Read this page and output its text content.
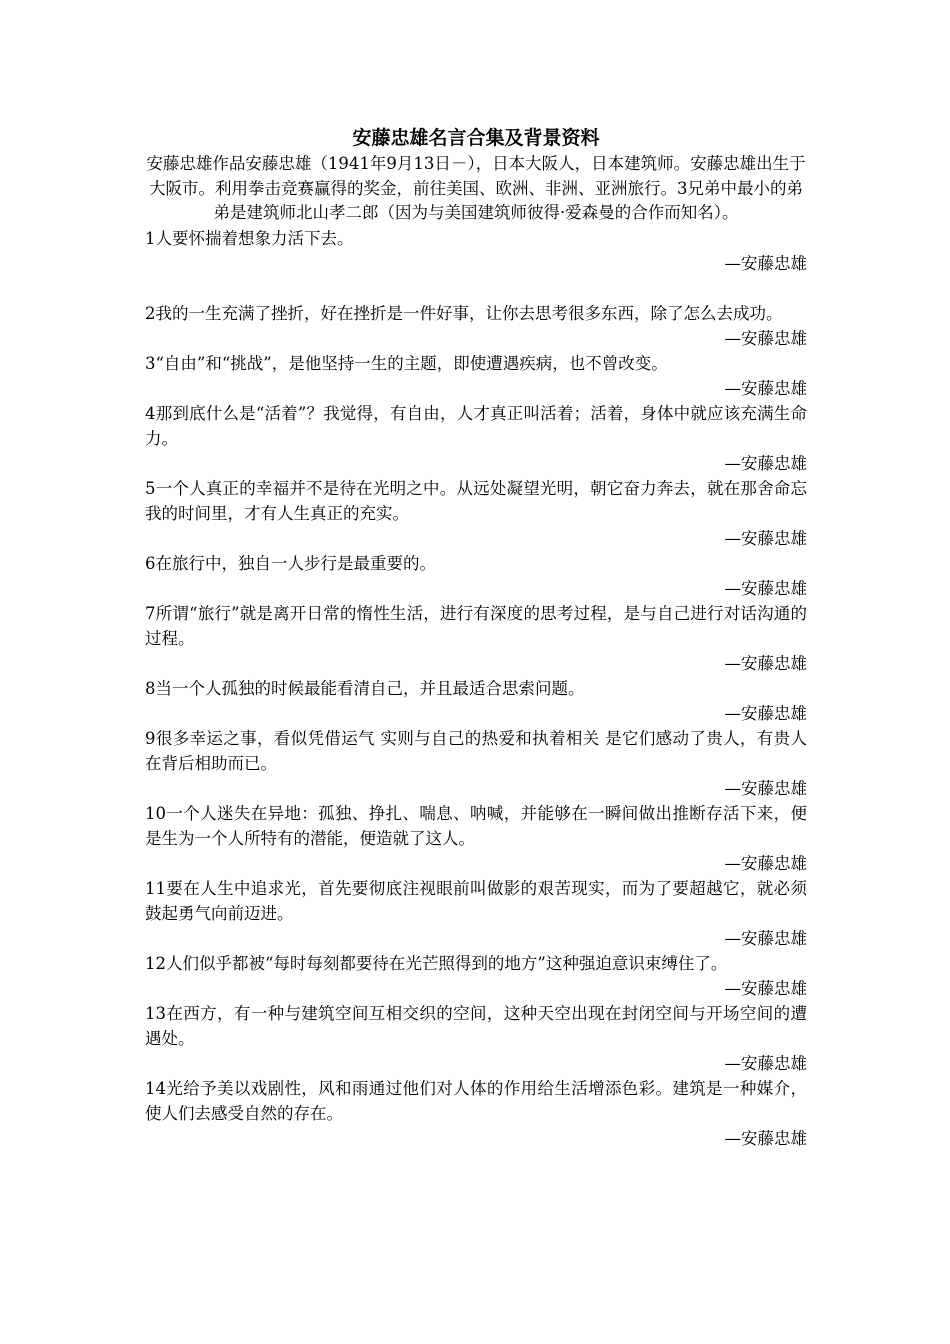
安藤忠雄名言合集及背景资料

安藤忠雄作品安藤忠雄（1941年9月13日－），日本大阪人，日本建筑师。安藤忠雄出生于大阪市。利用拳击竞赛赢得的奖金，前往美国、欧洲、非洲、亚洲旅行。3兄弟中最小的弟弟是建筑师北山孝二郎（因为与美国建筑师彼得·爱森曼的合作而知名）。

1人要怀揣着想象力活下去。

—安藤忠雄

2我的一生充满了挫折，好在挫折是一件好事，让你去思考很多东西，除了怎么去成功。

—安藤忠雄

3“自由”和“挑战”，是他坚持一生的主题，即使遭遇疾病，也不曾改变。

—安藤忠雄

4那到底什么是“活着”？我觉得，有自由，人才真正叫活着；活着，身体中就应该充满生命力。

—安藤忠雄

5一个人真正的幸福并不是待在光明之中。从远处凝望光明，朝它奋力奔去，就在那舍命忘我的时间里，才有人生真正的充实。

—安藤忠雄

6在旅行中，独自一人步行是最重要的。

—安藤忠雄

7所谓“旅行”就是离开日常的惰性生活，进行有深度的思考过程，是与自己进行对话沟通的过程。

—安藤忠雄

8当一个人孤独的时候最能看清自己，并且最适合思索问题。

—安藤忠雄

9很多幸运之事，看似凭借运气 实则与自己的热爱和执着相关 是它们感动了贵人，有贵人在背后相助而已。

—安藤忠雄

10一个人迷失在异地：孤独、挣扎、喘息、呐喊，并能够在一瞬间做出推断存活下来，便是生为一个人所特有的潜能，便造就了这人。

—安藤忠雄

11要在人生中追求光，首先要彻底注视眼前叫做影的艰苦现实，而为了要超越它，就必须鼓起勇气向前迈进。

—安藤忠雄

12人们似乎都被“每时每刻都要待在光芒照得到的地方”这种强迫意识束缚住了。

—安藤忠雄

13在西方，有一种与建筑空间互相交织的空间，这种天空出现在封闭空间与开场空间的遭遇处。

—安藤忠雄

14光给予美以戏剧性，风和雨通过他们对人体的作用给生活增添色彩。建筑是一种媒介，使人们去感受自然的存在。

—安藤忠雄
